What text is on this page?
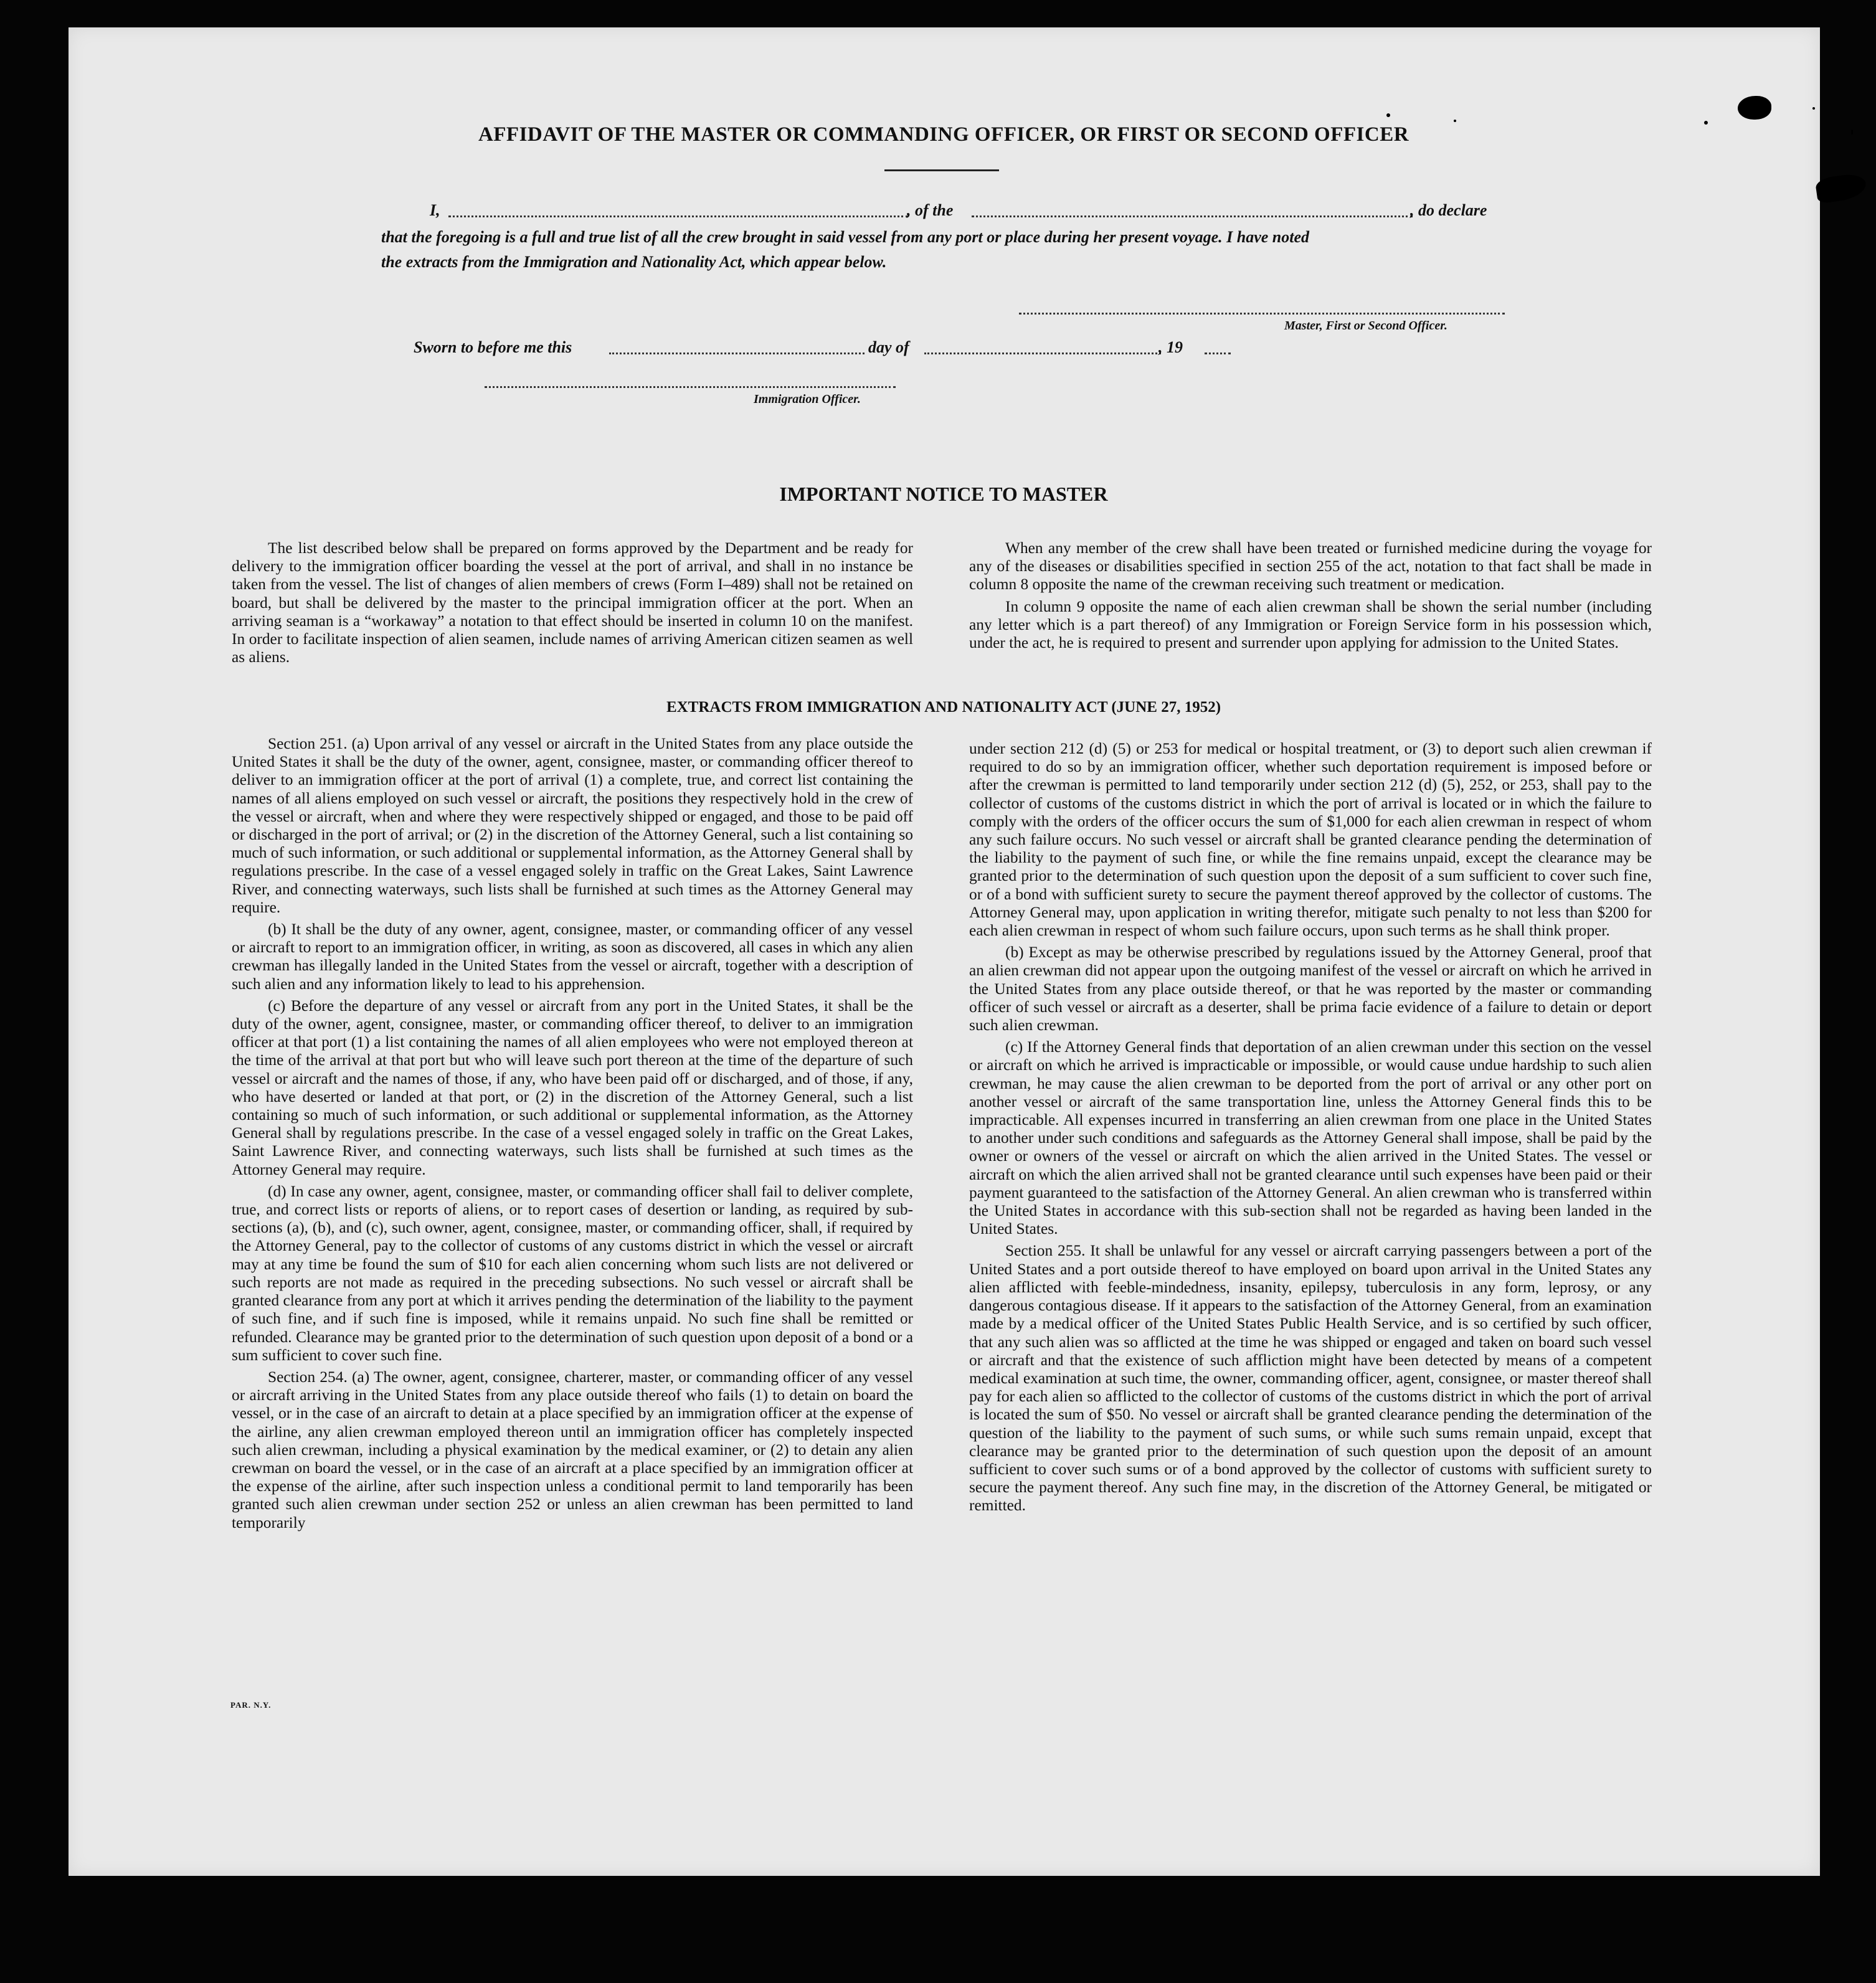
AFFIDAVIT OF THE MASTER OR COMMANDING OFFICER, OR FIRST OR SECOND OFFICER
I,	, of the	, do declare
that the foregoing is a full and true list of all the crew brought in said vessel from any port or place during her present voyage. I have noted
the extracts from the Immigration and Nationality Act, which appear below.
Master, First or Second Officer.
Sworn to before me this	day of	, 19
Immigration Officer.
IMPORTANT NOTICE TO MASTER

The list described below shall be prepared on forms approved by the Department and be ready for delivery to the immigration officer boarding the vessel at the port of arrival, and shall in no instance be taken from the vessel. The list of changes of alien members of crews (Form I–489) shall not be retained on board, but shall be delivered by the master to the principal immigration officer at the port. When an arriving seaman is a “workaway” a notation to that effect should be inserted in column 10 on the manifest. In order to facilitate inspection of alien seamen, include names of arriving American citizen seamen as well as aliens.

When any member of the crew shall have been treated or furnished medicine during the voyage for any of the diseases or disabilities specified in section 255 of the act, notation to that fact shall be made in column 8 opposite the name of the crewman receiving such treatment or medication.

In column 9 opposite the name of each alien crewman shall be shown the serial number (including any letter which is a part thereof) of any Immigration or Foreign Service form in his possession which, under the act, he is required to present and surrender upon applying for admission to the United States.

EXTRACTS FROM IMMIGRATION AND NATIONALITY ACT (JUNE 27, 1952)

Section 251. (a) Upon arrival of any vessel or aircraft in the United States from any place outside the United States it shall be the duty of the owner, agent, consignee, master, or commanding officer thereof to deliver to an immigration officer at the port of arrival (1) a complete, true, and correct list containing the names of all aliens employed on such vessel or aircraft, the positions they respectively hold in the crew of the vessel or aircraft, when and where they were respectively shipped or engaged, and those to be paid off or discharged in the port of arrival; or (2) in the discretion of the Attorney General, such a list containing so much of such information, or such additional or supplemental information, as the Attorney General shall by regulations prescribe. In the case of a vessel engaged solely in traffic on the Great Lakes, Saint Lawrence River, and connecting waterways, such lists shall be furnished at such times as the Attorney General may require.

(b) It shall be the duty of any owner, agent, consignee, master, or commanding officer of any vessel or aircraft to report to an immigration officer, in writing, as soon as discovered, all cases in which any alien crewman has illegally landed in the United States from the vessel or aircraft, together with a description of such alien and any information likely to lead to his apprehension.

(c) Before the departure of any vessel or aircraft from any port in the United States, it shall be the duty of the owner, agent, consignee, master, or commanding officer thereof, to deliver to an immigration officer at that port (1) a list containing the names of all alien employees who were not employed thereon at the time of the arrival at that port but who will leave such port thereon at the time of the departure of such vessel or aircraft and the names of those, if any, who have been paid off or discharged, and of those, if any, who have deserted or landed at that port, or (2) in the discretion of the Attorney General, such a list containing so much of such information, or such additional or supplemental information, as the Attorney General shall by regulations prescribe. In the case of a vessel engaged solely in traffic on the Great Lakes, Saint Lawrence River, and connecting waterways, such lists shall be furnished at such times as the Attorney General may require.

(d) In case any owner, agent, consignee, master, or commanding officer shall fail to deliver complete, true, and correct lists or reports of aliens, or to report cases of desertion or landing, as required by sub-sections (a), (b), and (c), such owner, agent, consignee, master, or commanding officer, shall, if required by the Attorney General, pay to the collector of customs of any customs district in which the vessel or aircraft may at any time be found the sum of $10 for each alien concerning whom such lists are not delivered or such reports are not made as required in the preceding subsections. No such vessel or aircraft shall be granted clearance from any port at which it arrives pending the determination of the liability to the payment of such fine, and if such fine is imposed, while it remains unpaid. No such fine shall be remitted or refunded. Clearance may be granted prior to the determination of such question upon deposit of a bond or a sum sufficient to cover such fine.

Section 254. (a) The owner, agent, consignee, charterer, master, or commanding officer of any vessel or aircraft arriving in the United States from any place outside thereof who fails (1) to detain on board the vessel, or in the case of an aircraft to detain at a place specified by an immigration officer at the expense of the airline, any alien crewman employed thereon until an immigration officer has completely inspected such alien crewman, including a physical examination by the medical examiner, or (2) to detain any alien crewman on board the vessel, or in the case of an aircraft at a place specified by an immigration officer at the expense of the airline, after such inspection unless a conditional permit to land temporarily has been granted such alien crewman under section 252 or unless an alien crewman has been permitted to land temporarily

under section 212 (d) (5) or 253 for medical or hospital treatment, or (3) to deport such alien crewman if required to do so by an immigration officer, whether such deportation requirement is imposed before or after the crewman is permitted to land temporarily under section 212 (d) (5), 252, or 253, shall pay to the collector of customs of the customs district in which the port of arrival is located or in which the failure to comply with the orders of the officer occurs the sum of $1,000 for each alien crewman in respect of whom any such failure occurs. No such vessel or aircraft shall be granted clearance pending the determination of the liability to the payment of such fine, or while the fine remains unpaid, except the clearance may be granted prior to the determination of such question upon the deposit of a sum sufficient to cover such fine, or of a bond with sufficient surety to secure the payment thereof approved by the collector of customs. The Attorney General may, upon application in writing therefor, mitigate such penalty to not less than $200 for each alien crewman in respect of whom such failure occurs, upon such terms as he shall think proper.

(b) Except as may be otherwise prescribed by regulations issued by the Attorney General, proof that an alien crewman did not appear upon the outgoing manifest of the vessel or aircraft on which he arrived in the United States from any place outside thereof, or that he was reported by the master or commanding officer of such vessel or aircraft as a deserter, shall be prima facie evidence of a failure to detain or deport such alien crewman.

(c) If the Attorney General finds that deportation of an alien crewman under this section on the vessel or aircraft on which he arrived is impracticable or impossible, or would cause undue hardship to such alien crewman, he may cause the alien crewman to be deported from the port of arrival or any other port on another vessel or aircraft of the same transportation line, unless the Attorney General finds this to be impracticable. All expenses incurred in transferring an alien crewman from one place in the United States to another under such conditions and safeguards as the Attorney General shall impose, shall be paid by the owner or owners of the vessel or aircraft on which the alien arrived in the United States. The vessel or aircraft on which the alien arrived shall not be granted clearance until such expenses have been paid or their payment guaranteed to the satisfaction of the Attorney General. An alien crewman who is transferred within the United States in accordance with this sub-section shall not be regarded as having been landed in the United States.

Section 255. It shall be unlawful for any vessel or aircraft carrying passengers between a port of the United States and a port outside thereof to have employed on board upon arrival in the United States any alien afflicted with feeble-mindedness, insanity, epilepsy, tuberculosis in any form, leprosy, or any dangerous contagious disease. If it appears to the satisfaction of the Attorney General, from an examination made by a medical officer of the United States Public Health Service, and is so certified by such officer, that any such alien was so afflicted at the time he was shipped or engaged and taken on board such vessel or aircraft and that the existence of such affliction might have been detected by means of a competent medical examination at such time, the owner, commanding officer, agent, consignee, or master thereof shall pay for each alien so afflicted to the collector of customs of the customs district in which the port of arrival is located the sum of $50. No vessel or aircraft shall be granted clearance pending the determination of the question of the liability to the payment of such sums, or while such sums remain unpaid, except that clearance may be granted prior to the determination of such question upon the deposit of an amount sufficient to cover such sums or of a bond approved by the collector of customs with sufficient surety to secure the payment thereof. Any such fine may, in the discretion of the Attorney General, be mitigated or remitted.

PAR. N.Y.
